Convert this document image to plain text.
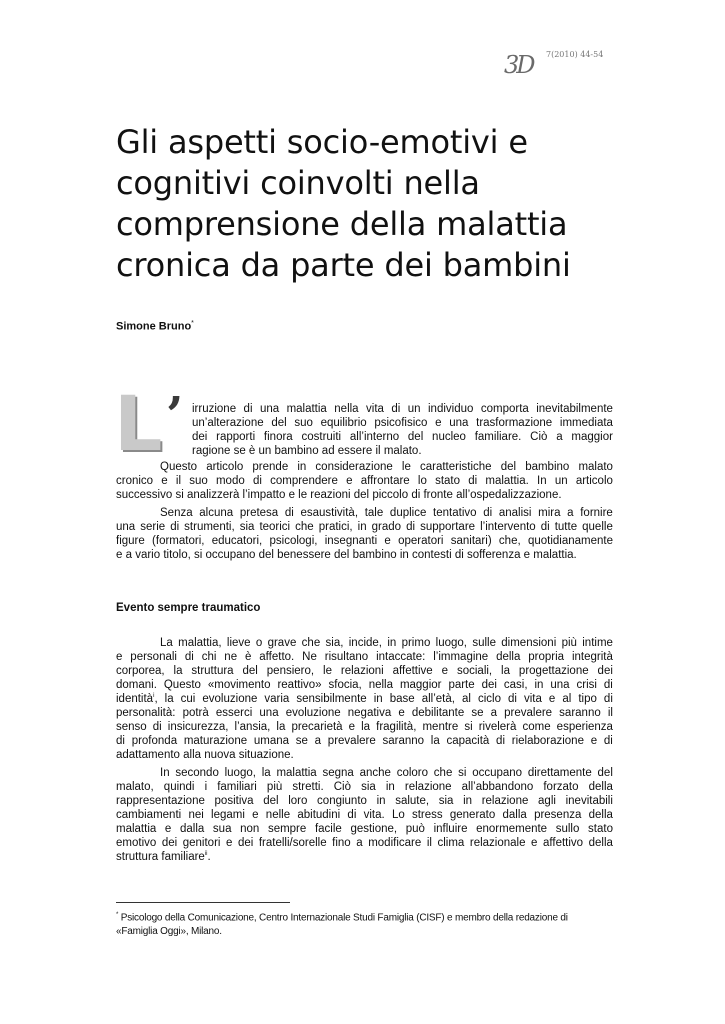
3D	7(2010) 44-54
Gli aspetti socio-emotivi e
cognitivi coinvolti nella
comprensione della malattia
cronica da parte dei bambini
Simone Bruno*
L ’ irruzione di una malattia nella vita di un individuo comporta inevitabilmente
un’alterazione del suo equilibrio psicofisico e una trasformazione immediata
dei rapporti finora costruiti all’interno del nucleo familiare. Ciò a maggior
ragione se è un bambino ad essere il malato.
Questo articolo prende in considerazione le caratteristiche del bambino malato
cronico e il suo modo di comprendere e affrontare lo stato di malattia. In un articolo
successivo si analizzerà l’impatto e le reazioni del piccolo di fronte all’ospedalizzazione.
Senza alcuna pretesa di esaustività, tale duplice tentativo di analisi mira a fornire
una serie di strumenti, sia teorici che pratici, in grado di supportare l’intervento di tutte quelle
figure (formatori, educatori, psicologi, insegnanti e operatori sanitari) che, quotidianamente
e a vario titolo, si occupano del benessere del bambino in contesti di sofferenza e malattia.
Evento sempre traumatico
La malattia, lieve o grave che sia, incide, in primo luogo, sulle dimensioni più intime
e personali di chi ne è affetto. Ne risultano intaccate: l’immagine della propria integrità
corporea, la struttura del pensiero, le relazioni affettive e sociali, la progettazione dei
domani. Questo «movimento reattivo» sfocia, nella maggior parte dei casi, in una crisi di
identità$^i$, la cui evoluzione varia sensibilmente in base all’età, al ciclo di vita e al tipo di
personalità: potrà esserci una evoluzione negativa e debilitante se a prevalere saranno il
senso di insicurezza, l’ansia, la precarietà e la fragilità, mentre si rivelerà come esperienza
di profonda maturazione umana se a prevalere saranno la capacità di rielaborazione e di
adattamento alla nuova situazione.
In secondo luogo, la malattia segna anche coloro che si occupano direttamente del
malato, quindi i familiari più stretti. Ciò sia in relazione all’abbandono forzato della
rappresentazione positiva del loro congiunto in salute, sia in relazione agli inevitabili
cambiamenti nei legami e nelle abitudini di vita. Lo stress generato dalla presenza della
malattia e dalla sua non sempre facile gestione, può influire enormemente sullo stato
emotivo dei genitori e dei fratelli/sorelle fino a modificare il clima relazionale e affettivo della
struttura familiare$^{ii}$.
* Psicologo della Comunicazione, Centro Internazionale Studi Famiglia (CISF) e membro della redazione di
«Famiglia Oggi», Milano.
